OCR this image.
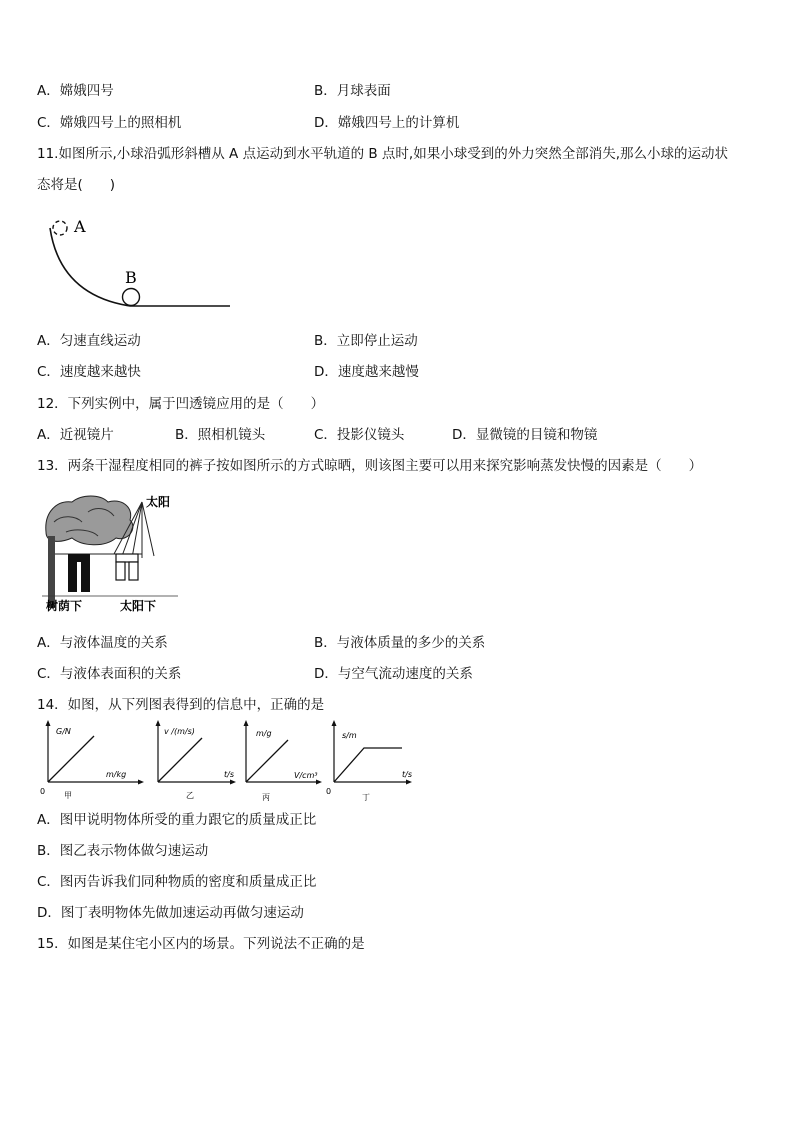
A．嫦娥四号	B．月球表面
C．嫦娥四号上的照相机	D．嫦娥四号上的计算机
11.如图所示,小球沿弧形斜槽从 A 点运动到水平轨道的 B 点时,如果小球受到的外力突然全部消失,那么小球的运动状
态将是(　　)
A
B
A．匀速直线运动	B．立即停止运动
C．速度越来越快	D．速度越来越慢
12．下列实例中，属于凹透镜应用的是（　　）
A．近视镜片	B．照相机镜头	C．投影仪镜头	D．显微镜的目镜和物镜
13．两条干湿程度相同的裤子按如图所示的方式晾晒，则该图主要可以用来探究影响蒸发快慢的因素是（　　）
太阳
树荫下	太阳下
A．与液体温度的关系	B．与液体质量的多少的关系
C．与液体表面积的关系	D．与空气流动速度的关系
14．如图，从下列图表得到的信息中，正确的是
G/N
m/kg
0 甲
v /(m/s)
t/s
乙
m/g
V/cm³
丙
s/m
t/s
0
丁
A．图甲说明物体所受的重力跟它的质量成正比
B．图乙表示物体做匀速运动
C．图丙告诉我们同种物质的密度和质量成正比
D．图丁表明物体先做加速运动再做匀速运动
15．如图是某住宅小区内的场景。下列说法不正确的是
